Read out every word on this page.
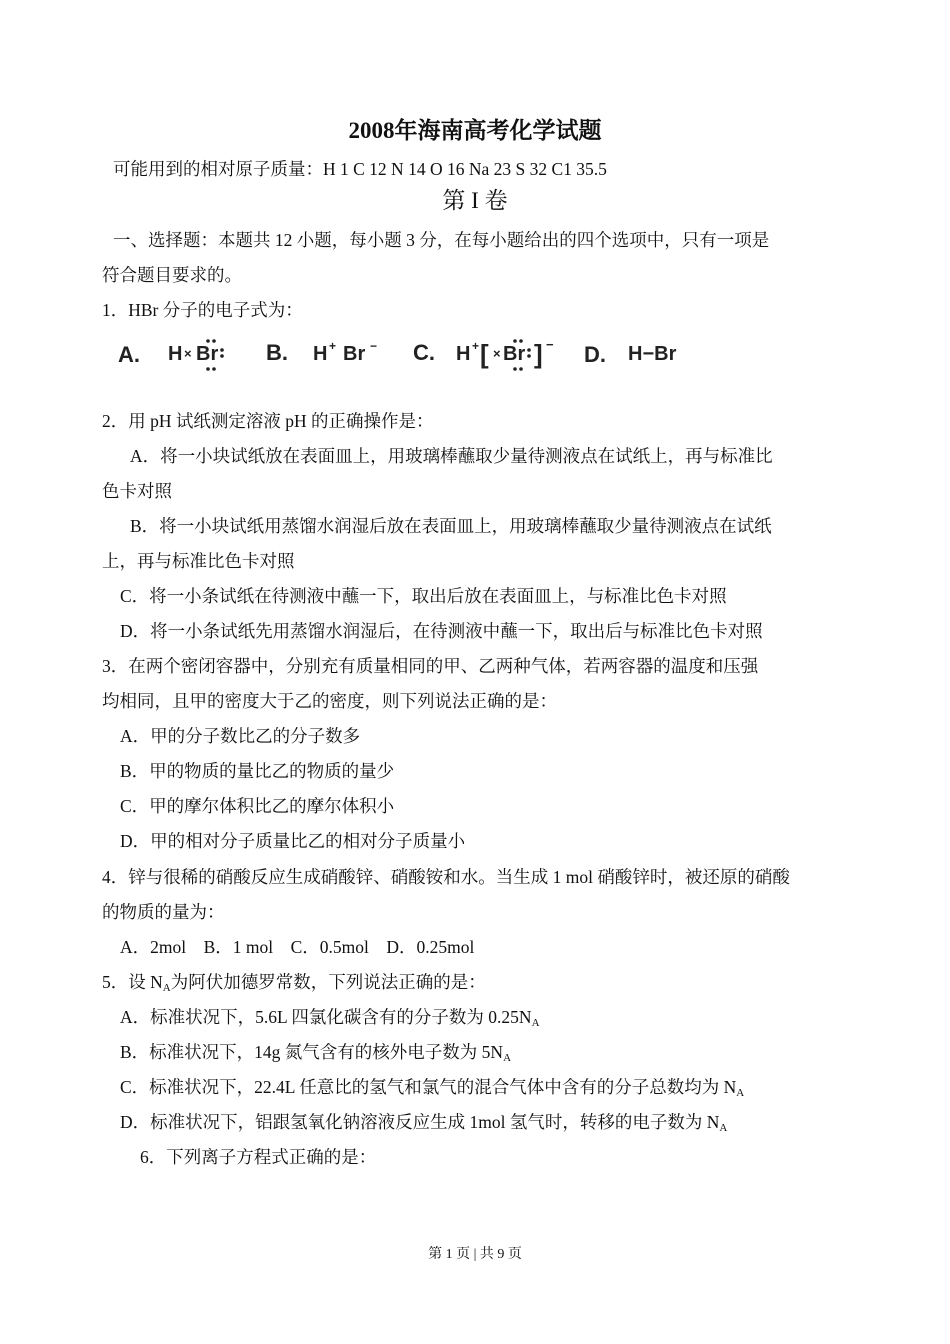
2008年海南高考化学试题
可能用到的相对原子质量：H 1 C 12 N 14 O 16 Na 23 S 32 C1 35.5
第 I 卷
一、选择题：本题共 12 小题，每小题 3 分，在每小题给出的四个选项中，只有一项是
符合题目要求的。
1．HBr 分子的电子式为：
A. H × Br B. H + Br − C. H + [ × Br ] − D. H−Br
2．用 pH 试纸测定溶液 pH 的正确操作是：
A．将一小块试纸放在表面皿上，用玻璃棒蘸取少量待测液点在试纸上，再与标准比
色卡对照
B．将一小块试纸用蒸馏水润湿后放在表面皿上，用玻璃棒蘸取少量待测液点在试纸
上，再与标准比色卡对照
C．将一小条试纸在待测液中蘸一下，取出后放在表面皿上，与标准比色卡对照
D．将一小条试纸先用蒸馏水润湿后，在待测液中蘸一下，取出后与标准比色卡对照
3．在两个密闭容器中，分别充有质量相同的甲、乙两种气体，若两容器的温度和压强
均相同，且甲的密度大于乙的密度，则下列说法正确的是：
A．甲的分子数比乙的分子数多
B．甲的物质的量比乙的物质的量少
C．甲的摩尔体积比乙的摩尔体积小
D．甲的相对分子质量比乙的相对分子质量小
4．锌与很稀的硝酸反应生成硝酸锌、硝酸铵和水。当生成 1 mol 硝酸锌时，被还原的硝酸
的物质的量为：
A．2mol    B．1 mol    C．0.5mol    D．0.25mol
5．设 $N_A$为阿伏加德罗常数，下列说法正确的是：
A．标准状况下，5.6L 四氯化碳含有的分子数为 $0.25N_A$
B．标准状况下，14g 氮气含有的核外电子数为 $5N_A$
C．标准状况下，22.4L 任意比的氢气和氯气的混合气体中含有的分子总数均为 $N_A$
D．标准状况下，铝跟氢氧化钠溶液反应生成 1mol 氢气时，转移的电子数为 $N_A$
6．下列离子方程式正确的是：
第 1 页 | 共 9 页
